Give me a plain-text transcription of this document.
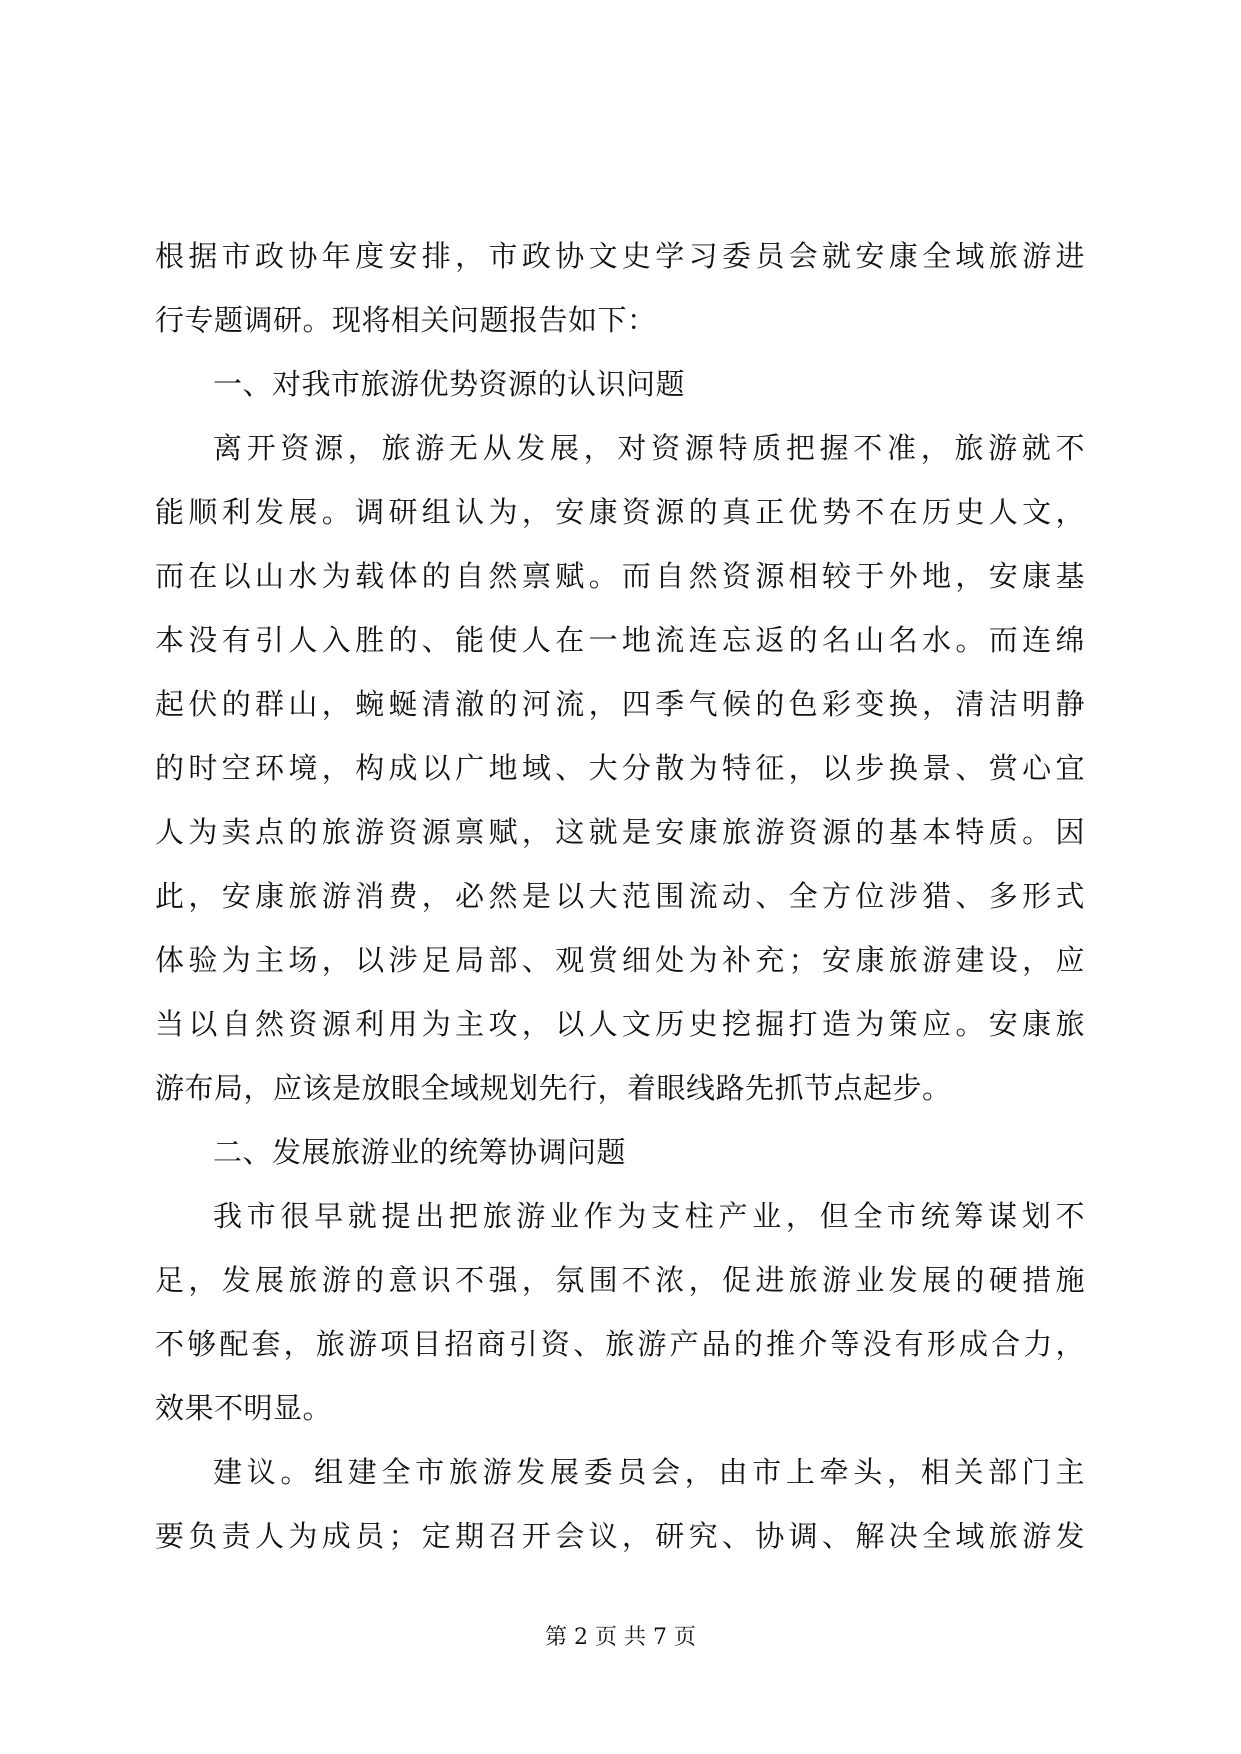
根据市政协年度安排，市政协文史学习委员会就安康全域旅游进
行专题调研。现将相关问题报告如下：
一、对我市旅游优势资源的认识问题
离开资源，旅游无从发展，对资源特质把握不准，旅游就不
能顺利发展。调研组认为，安康资源的真正优势不在历史人文，
而在以山水为载体的自然禀赋。而自然资源相较于外地，安康基
本没有引人入胜的、能使人在一地流连忘返的名山名水。而连绵
起伏的群山，蜿蜒清澈的河流，四季气候的色彩变换，清洁明静
的时空环境，构成以广地域、大分散为特征，以步换景、赏心宜
人为卖点的旅游资源禀赋，这就是安康旅游资源的基本特质。因
此，安康旅游消费，必然是以大范围流动、全方位涉猎、多形式
体验为主场，以涉足局部、观赏细处为补充；安康旅游建设，应
当以自然资源利用为主攻，以人文历史挖掘打造为策应。安康旅
游布局，应该是放眼全域规划先行，着眼线路先抓节点起步。
二、发展旅游业的统筹协调问题
我市很早就提出把旅游业作为支柱产业，但全市统筹谋划不
足，发展旅游的意识不强，氛围不浓，促进旅游业发展的硬措施
不够配套，旅游项目招商引资、旅游产品的推介等没有形成合力，
效果不明显。
建议。组建全市旅游发展委员会，由市上牵头，相关部门主
要负责人为成员；定期召开会议，研究、协调、解决全域旅游发
第 2 页 共 7 页
